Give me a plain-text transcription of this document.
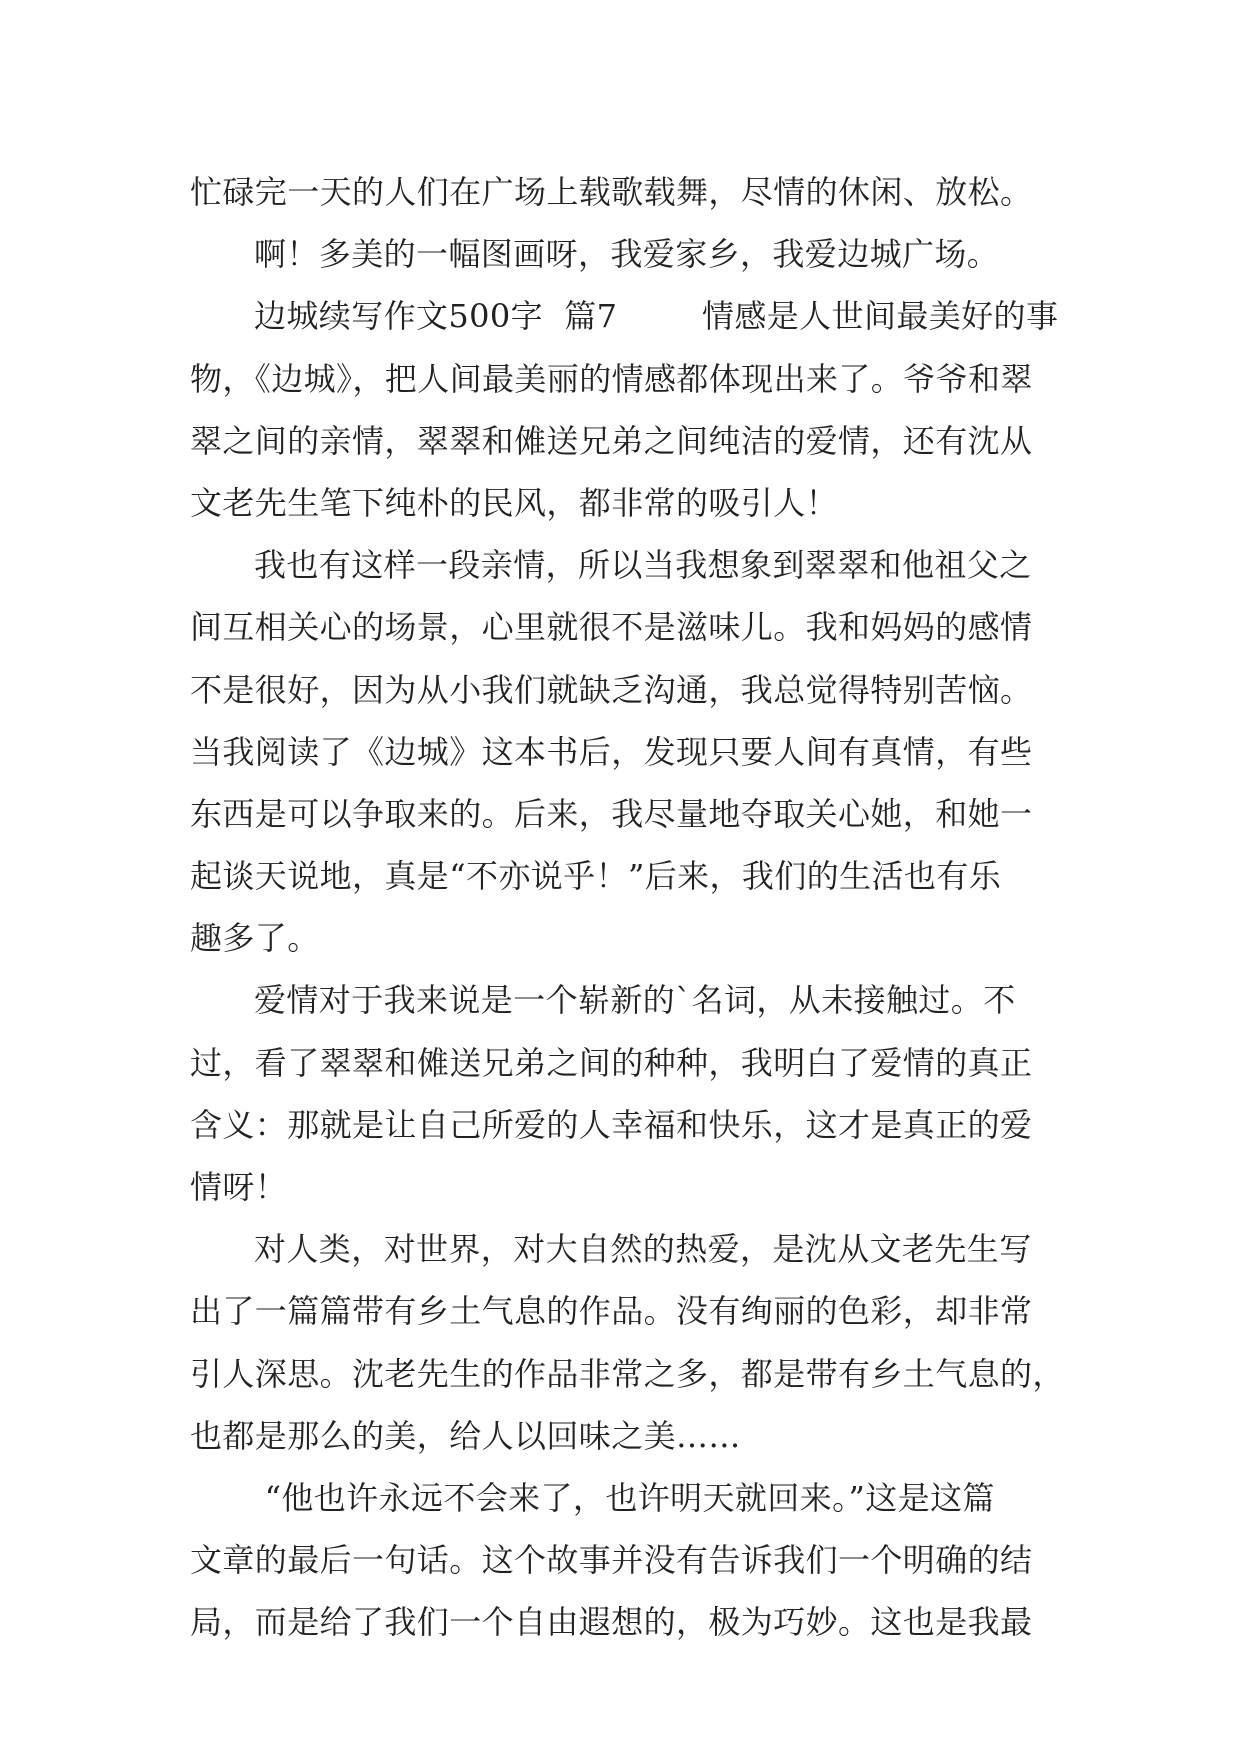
忙碌完一天的人们在广场上载歌载舞，尽情的休闲、放松。
啊！多美的一幅图画呀，我爱家乡，我爱边城广场。
边城续写作文500字  篇7        情感是人世间最美好的事
物，《边城》，把人间最美丽的情感都体现出来了。爷爷和翠
翠之间的亲情，翠翠和傩送兄弟之间纯洁的爱情，还有沈从
文老先生笔下纯朴的民风，都非常的吸引人！
我也有这样一段亲情，所以当我想象到翠翠和他祖父之
间互相关心的场景，心里就很不是滋味儿。我和妈妈的感情
不是很好，因为从小我们就缺乏沟通，我总觉得特别苦恼。
当我阅读了《边城》这本书后，发现只要人间有真情，有些
东西是可以争取来的。后来，我尽量地夺取关心她，和她一
起谈天说地，真是“不亦说乎！”后来，我们的生活也有乐
趣多了。
爱情对于我来说是一个崭新的`名词，从未接触过。不
过，看了翠翠和傩送兄弟之间的种种，我明白了爱情的真正
含义：那就是让自己所爱的人幸福和快乐，这才是真正的爱
情呀！
对人类，对世界，对大自然的热爱，是沈从文老先生写
出了一篇篇带有乡土气息的作品。没有绚丽的色彩，却非常
引人深思。沈老先生的作品非常之多，都是带有乡土气息的，
也都是那么的美，给人以回味之美……
“他也许永远不会来了，也许明天就回来。”这是这篇
文章的最后一句话。这个故事并没有告诉我们一个明确的结
局，而是给了我们一个自由遐想的，极为巧妙。这也是我最
